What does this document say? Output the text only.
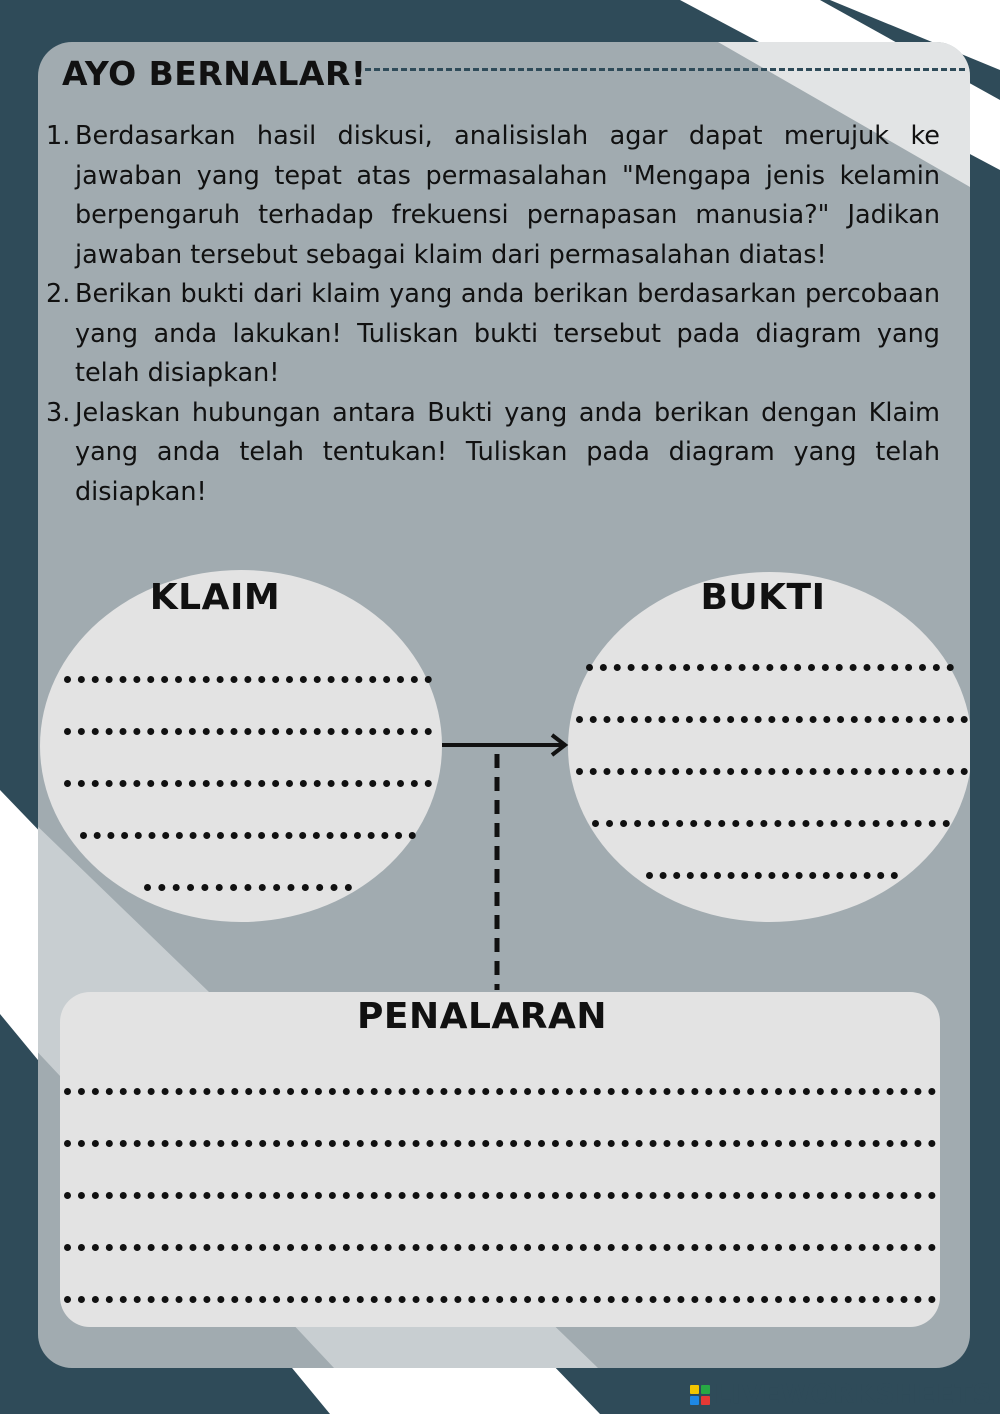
AYO BERNALAR!
1. Berdasarkan hasil diskusi, analisislah agar dapat merujuk ke jawaban yang tepat atas permasalahan "Mengapa jenis kelamin berpengaruh terhadap frekuensi pernapasan manusia?" Jadikan jawaban tersebut sebagai klaim dari permasalahan diatas!
2. Berikan bukti dari klaim yang anda berikan berdasarkan percobaan yang anda lakukan! Tuliskan bukti tersebut pada diagram yang telah disiapkan!
3. Jelaskan hubungan antara Bukti yang anda berikan dengan Klaim yang anda telah tentukan! Tuliskan pada diagram yang telah disiapkan!
KLAIM	BUKTI
PENALARAN
LIVEWORKSHEETS
